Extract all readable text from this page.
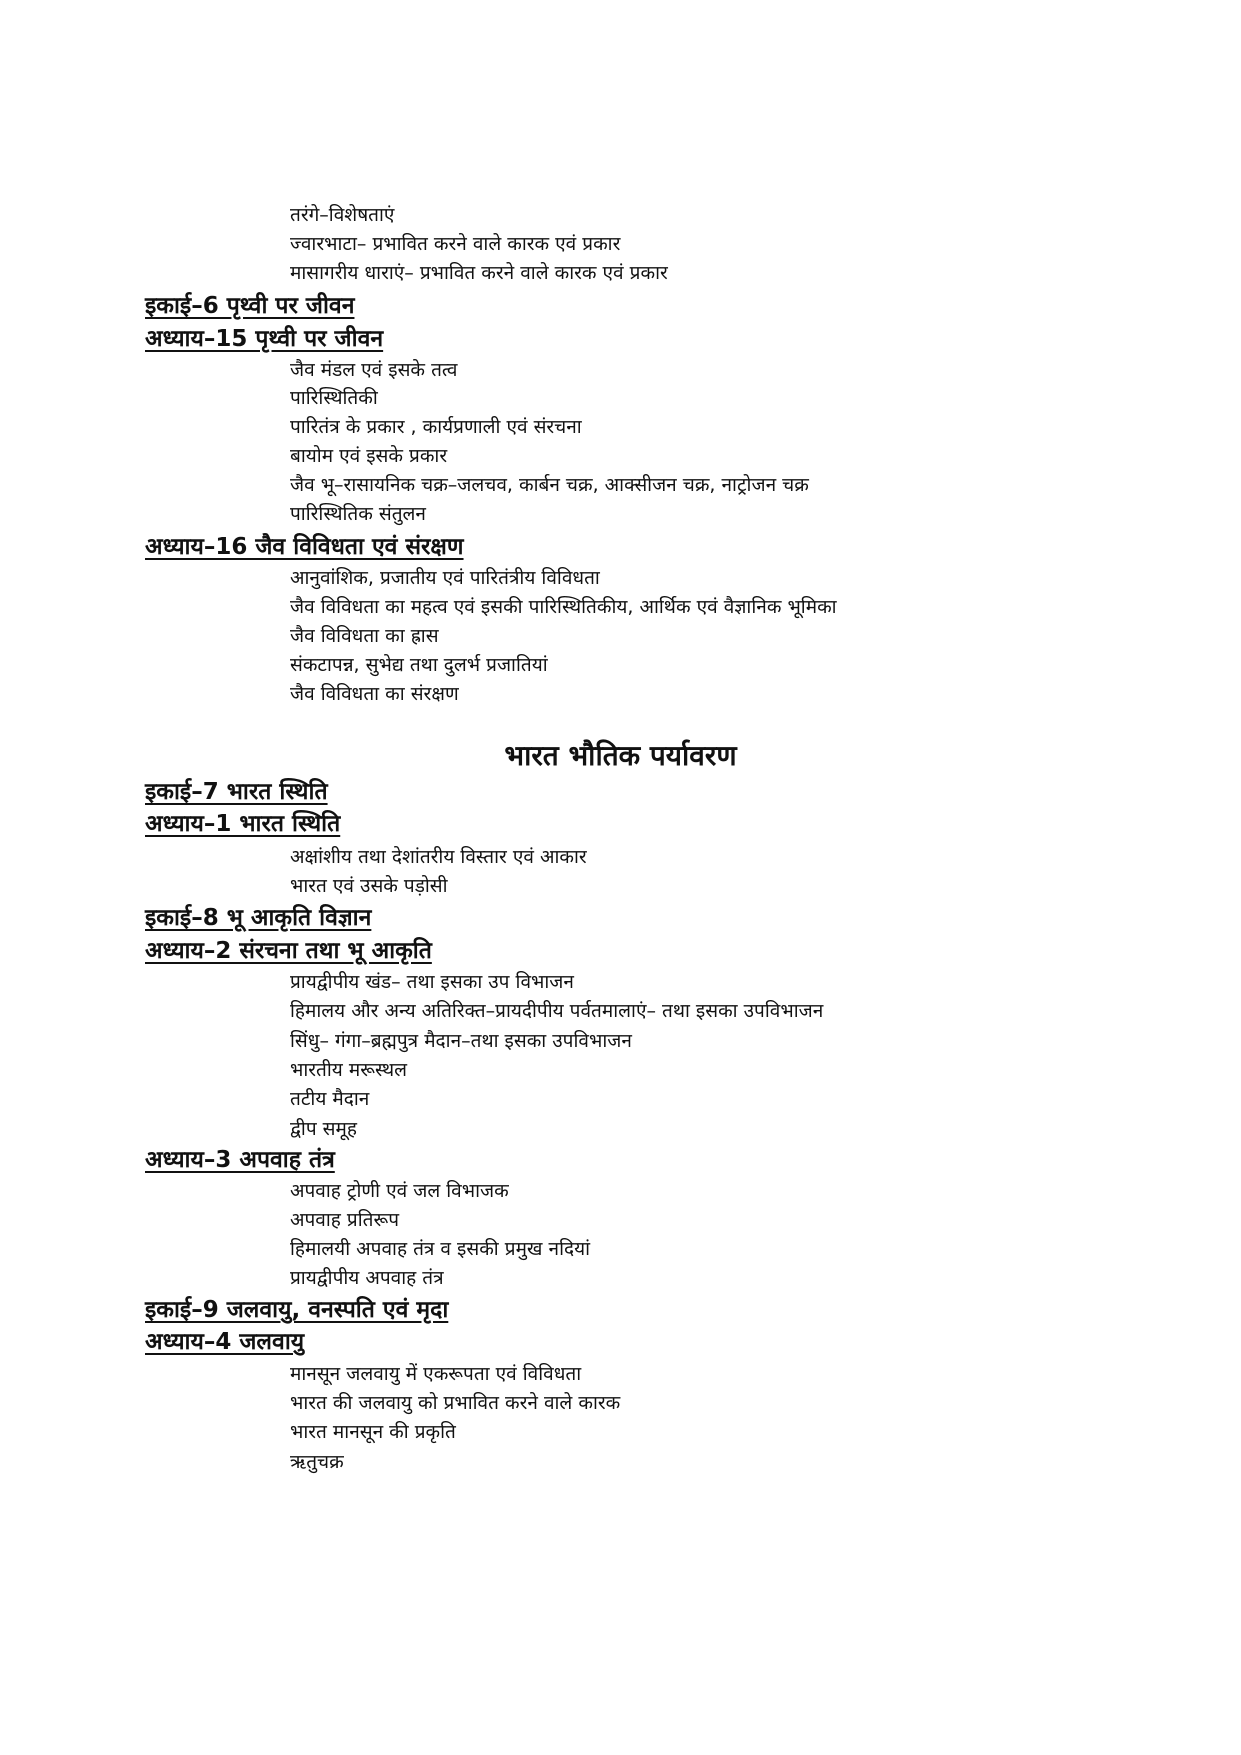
तरंगे–विशेषताएं
ज्वारभाटा– प्रभावित करने वाले कारक एवं प्रकार
मासागरीय धाराएं– प्रभावित करने वाले कारक एवं प्रकार
इकाई–6 पृथ्वी पर जीवन
अध्याय–15 पृथ्वी पर जीवन
जैव मंडल एवं इसके तत्व
पारिस्थितिकी
पारितंत्र के प्रकार , कार्यप्रणाली एवं संरचना
बायोम एवं इसके प्रकार
जैव भू–रासायनिक चक्र–जलचव, कार्बन चक्र, आक्सीजन चक्र, नाट्रोजन चक्र
पारिस्थितिक संतुलन
अध्याय–16 जैव विविधता एवं संरक्षण
आनुवांशिक, प्रजातीय एवं पारितंत्रीय विविधता
जैव विविधता का महत्व एवं इसकी पारिस्थितिकीय, आर्थिक एवं वैज्ञानिक भूमिका
जैव विविधता का ह्रास
संकटापन्न, सुभेद्य तथा दुलर्भ प्रजातियां
जैव विविधता का संरक्षण
भारत भौतिक पर्यावरण
इकाई–7 भारत स्थिति
अध्याय–1 भारत स्थिति
अक्षांशीय तथा देशांतरीय विस्तार एवं आकार
भारत एवं उसके पड़ोसी
इकाई–8 भू आकृति विज्ञान
अध्याय–2 संरचना तथा भू आकृति
प्रायद्वीपीय खंड– तथा इसका उप विभाजन
हिमालय और अन्य अतिरिक्त–प्रायदीपीय पर्वतमालाएं– तथा इसका उपविभाजन
सिंधु– गंगा–ब्रह्मपुत्र मैदान–तथा इसका उपविभाजन
भारतीय मरूस्थल
तटीय मैदान
द्वीप समूह
अध्याय–3 अपवाह तंत्र
अपवाह ट्रोणी एवं जल विभाजक
अपवाह प्रतिरूप
हिमालयी अपवाह तंत्र व इसकी प्रमुख नदियां
प्रायद्वीपीय अपवाह तंत्र
इकाई–9 जलवायु, वनस्पति एवं मृदा
अध्याय–4 जलवायु
मानसून जलवायु में एकरूपता एवं विविधता
भारत की जलवायु को प्रभावित करने वाले कारक
भारत मानसून की प्रकृति
ऋतुचक्र
